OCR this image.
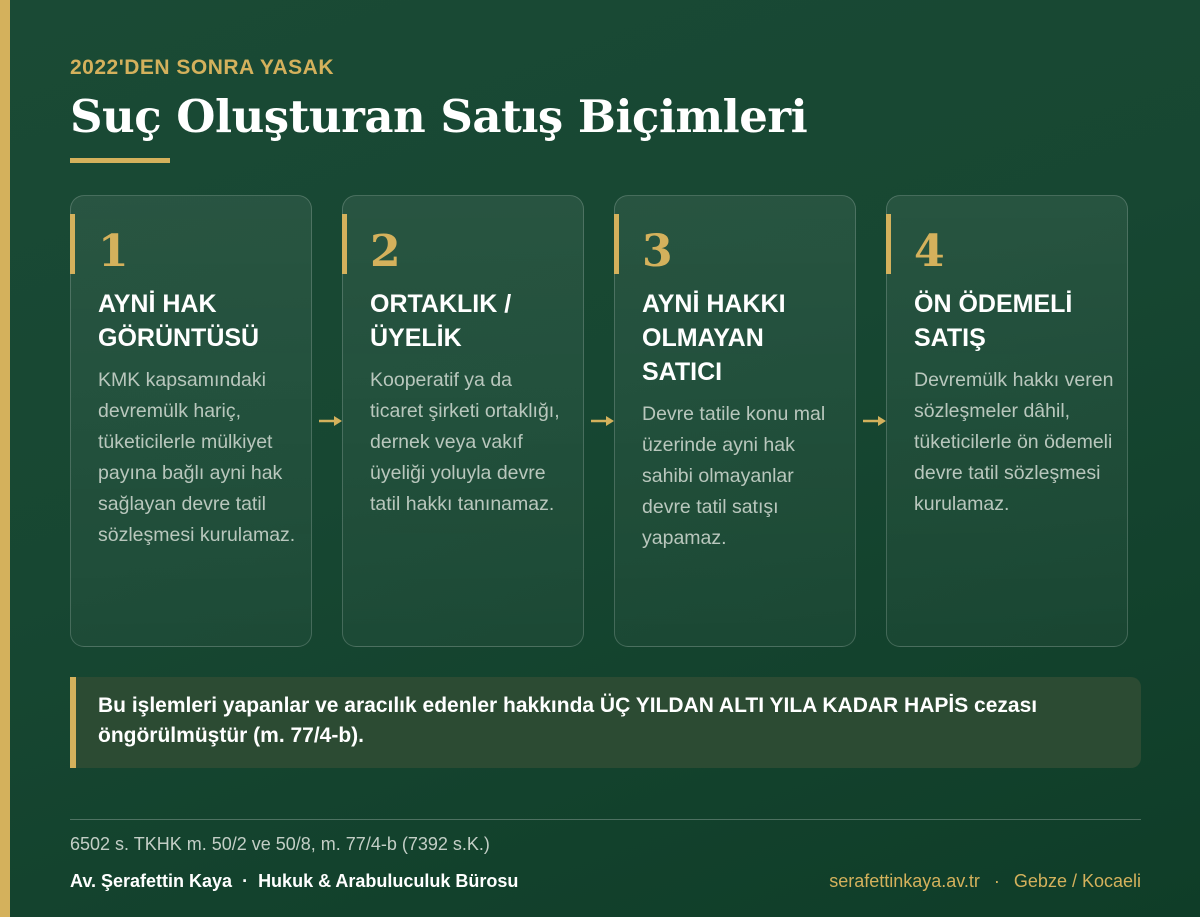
2022'DEN SONRA YASAK
Suç Oluşturan Satış Biçimleri
1
AYNİ HAK GÖRÜNTÜSÜ
KMK kapsamındaki devremülk hariç, tüketicilerle mülkiyet payına bağlı ayni hak sağlayan devre tatil sözleşmesi kurulamaz.
2
ORTAKLIK / ÜYELİK
Kooperatif ya da ticaret şirketi ortaklığı, dernek veya vakıf üyeliği yoluyla devre tatil hakkı tanınamaz.
3
AYNİ HAKKI OLMAYAN SATICI
Devre tatile konu mal üzerinde ayni hak sahibi olmayanlar devre tatil satışı yapamaz.
4
ÖN ÖDEMELİ SATIŞ
Devremülk hakkı veren sözleşmeler dâhil, tüketicilerle ön ödemeli devre tatil sözleşmesi kurulamaz.
Bu işlemleri yapanlar ve aracılık edenler hakkında ÜÇ YILDAN ALTI YILA KADAR HAPİS cezası öngörülmüştür (m. 77/4-b).
6502 s. TKHK m. 50/2 ve 50/8, m. 77/4-b (7392 s.K.)
Av. Şerafettin Kaya · Hukuk & Arabuluculuk Bürosu	serafettinkaya.av.tr · Gebze / Kocaeli
